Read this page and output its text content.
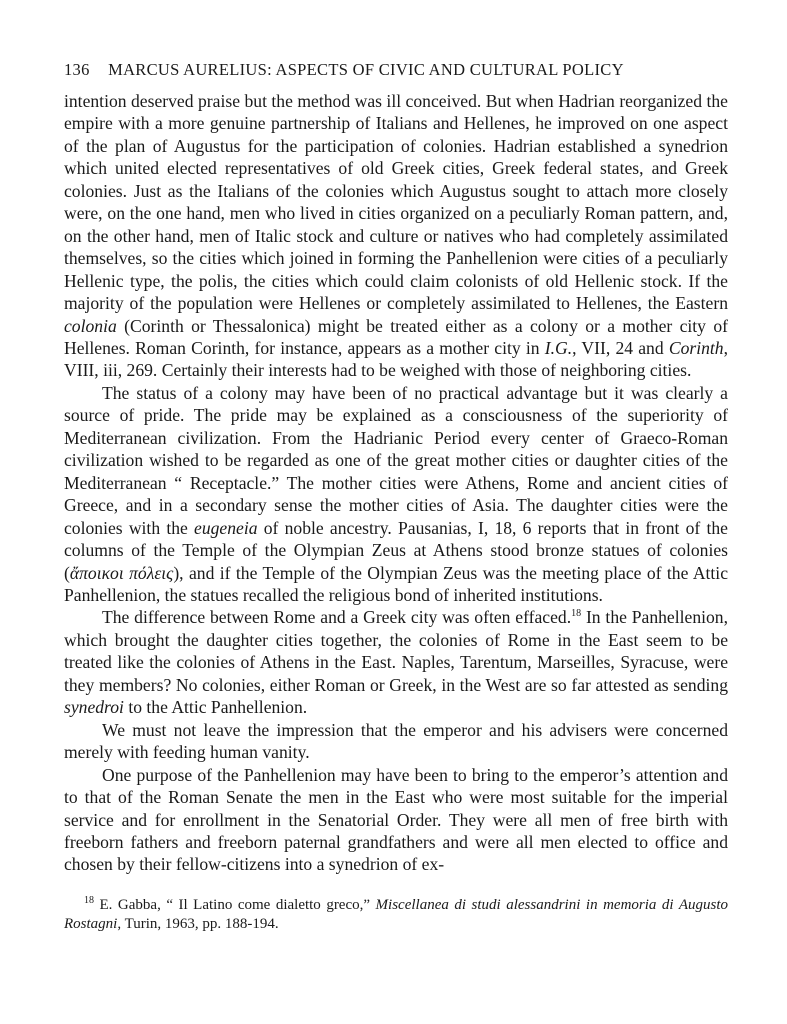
136 MARCUS AURELIUS: ASPECTS OF CIVIC AND CULTURAL POLICY

intention deserved praise but the method was ill conceived. But when Hadrian reorganized the empire with a more genuine partnership of Italians and Hellenes, he improved on one aspect of the plan of Augustus for the participation of colonies. Hadrian established a synedrion which united elected representatives of old Greek cities, Greek federal states, and Greek colonies. Just as the Italians of the colonies which Augustus sought to attach more closely were, on the one hand, men who lived in cities organized on a peculiarly Roman pattern, and, on the other hand, men of Italic stock and culture or natives who had completely assimilated themselves, so the cities which joined in forming the Panhellenion were cities of a peculiarly Hellenic type, the polis, the cities which could claim colonists of old Hellenic stock. If the majority of the population were Hellenes or completely assimilated to Hellenes, the Eastern colonia (Corinth or Thessalonica) might be treated either as a colony or a mother city of Hellenes. Roman Corinth, for instance, appears as a mother city in I.G., VII, 24 and Corinth, VIII, iii, 269. Certainly their interests had to be weighed with those of neighboring cities.

The status of a colony may have been of no practical advantage but it was clearly a source of pride. The pride may be explained as a consciousness of the superiority of Mediterranean civilization. From the Hadrianic Period every center of Graeco-Roman civilization wished to be regarded as one of the great mother cities or daughter cities of the Mediterranean “ Receptacle.” The mother cities were Athens, Rome and ancient cities of Greece, and in a secondary sense the mother cities of Asia. The daughter cities were the colonies with the eugeneia of noble ancestry. Pausanias, I, 18, 6 reports that in front of the columns of the Temple of the Olympian Zeus at Athens stood bronze statues of colonies (ἄποικοι πόλεις), and if the Temple of the Olympian Zeus was the meeting place of the Attic Panhellenion, the statues recalled the religious bond of inherited institutions.

The difference between Rome and a Greek city was often effaced.$^{18}$ In the Panhellenion, which brought the daughter cities together, the colonies of Rome in the East seem to be treated like the colonies of Athens in the East. Naples, Tarentum, Marseilles, Syracuse, were they members? No colonies, either Roman or Greek, in the West are so far attested as sending synedroi to the Attic Panhellenion.

We must not leave the impression that the emperor and his advisers were concerned merely with feeding human vanity.

One purpose of the Panhellenion may have been to bring to the emperor’s attention and to that of the Roman Senate the men in the East who were most suitable for the imperial service and for enrollment in the Senatorial Order. They were all men of free birth with freeborn fathers and freeborn paternal grandfathers and were all men elected to office and chosen by their fellow-citizens into a synedrion of ex-

$^{18}$ E. Gabba, “ Il Latino come dialetto greco,” Miscellanea di studi alessandrini in memoria di Augusto Rostagni, Turin, 1963, pp. 188-194.
